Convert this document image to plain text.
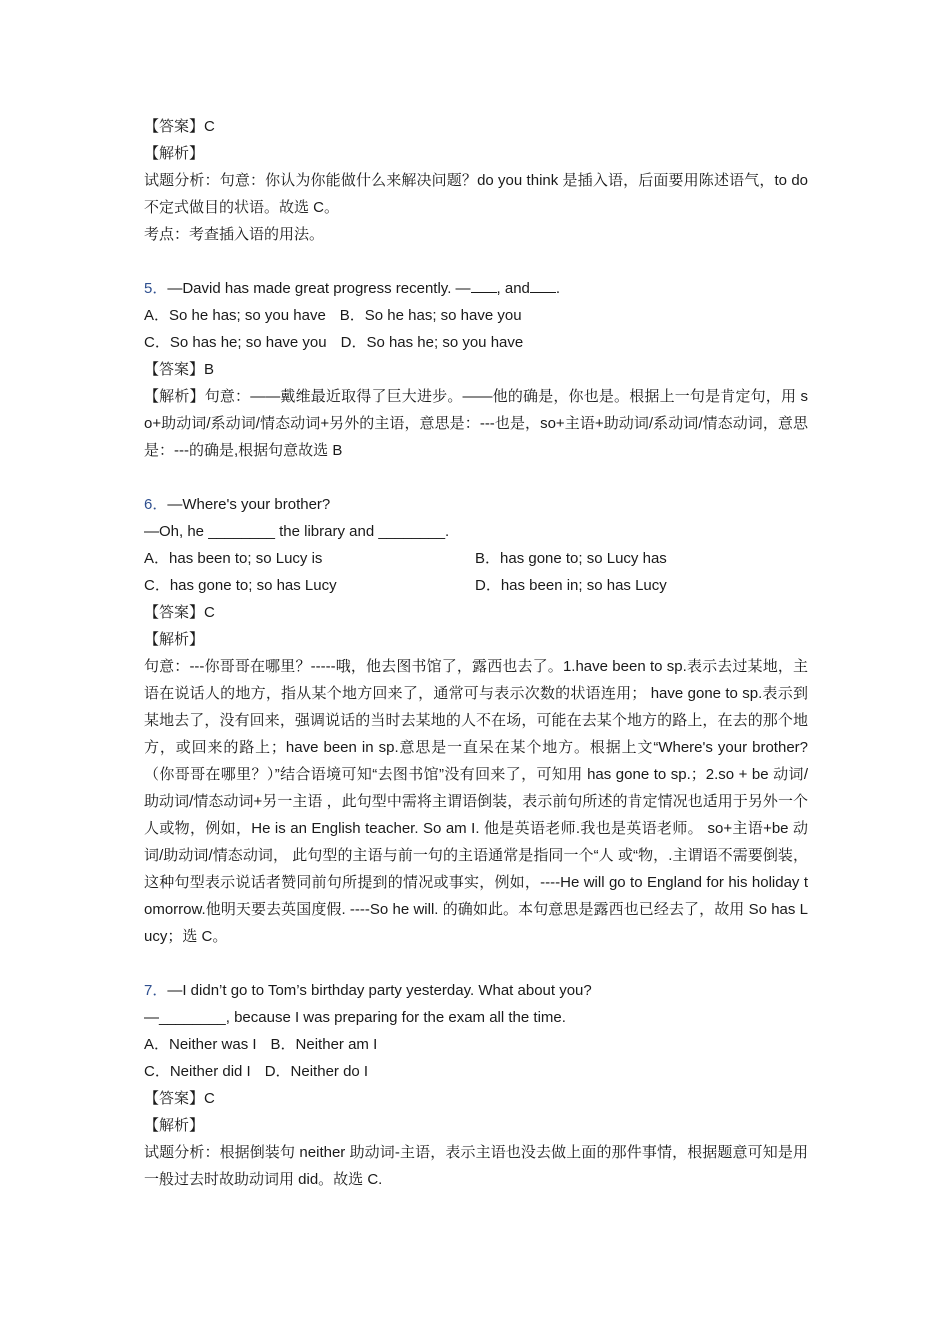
【答案】C
【解析】
试题分析：句意：你认为你能做什么来解决问题？do you think 是插入语，后面要用陈述语气，to do 不定式做目的状语。故选 C。
考点：考查插入语的用法。
5．—David has made great progress recently. — , and .
A．So he has; so you have B．So he has; so have you
C．So has he; so have you D．So has he; so you have
【答案】B
【解析】句意：——戴维最近取得了巨大进步。——他的确是，你也是。根据上一句是肯定句，用 so+助动词/系动词/情态动词+另外的主语，意思是：---也是，so+主语+助动词/系动词/情态动词，意思是：---的确是,根据句意故选 B
6．—Where's your brother?
—Oh, he ________ the library and ________.
A．has been to; so Lucy is	B．has gone to; so Lucy has
C．has gone to; so has Lucy	D．has been in; so has Lucy
【答案】C
【解析】
句意：---你哥哥在哪里？-----哦，他去图书馆了，露西也去了。1.have been to sp.表示去过某地，主语在说话人的地方，指从某个地方回来了，通常可与表示次数的状语连用； have gone to sp.表示到某地去了，没有回来，强调说话的当时去某地的人不在场，可能在去某个地方的路上，在去的那个地方，或回来的路上；have been in sp.意思是一直呆在某个地方。根据上文“Where's your brother?（你哥哥在哪里？）”结合语境可知“去图书馆”没有回来了，可知用 has gone to sp.；2.so + be 动词/助动词/情态动词+另一主语 ，此句型中需将主谓语倒装，表示前句所述的肯定情况也适用于另外一个人或物，例如，He is an English teacher. So am I. 他是英语老师.我也是英语老师。 so+主语+be 动词/助动词/情态动词， 此句型的主语与前一句的主语通常是指同一个“人 或“物，.主谓语不需要倒装，这种句型表示说话者赞同前句所提到的情况或事实，例如，----He will go to England for his holiday tomorrow.他明天要去英国度假. ----So he will. 的确如此。本句意思是露西也已经去了，故用 So has Lucy；选 C。
7．—I didn’t go to Tom’s birthday party yesterday. What about you?
—________, because I was preparing for the exam all the time.
A．Neither was I B．Neither am I
C．Neither did I D．Neither do I
【答案】C
【解析】
试题分析：根据倒装句 neither 助动词-主语，表示主语也没去做上面的那件事情，根据题意可知是用一般过去时故助动词用 did。故选 C.
